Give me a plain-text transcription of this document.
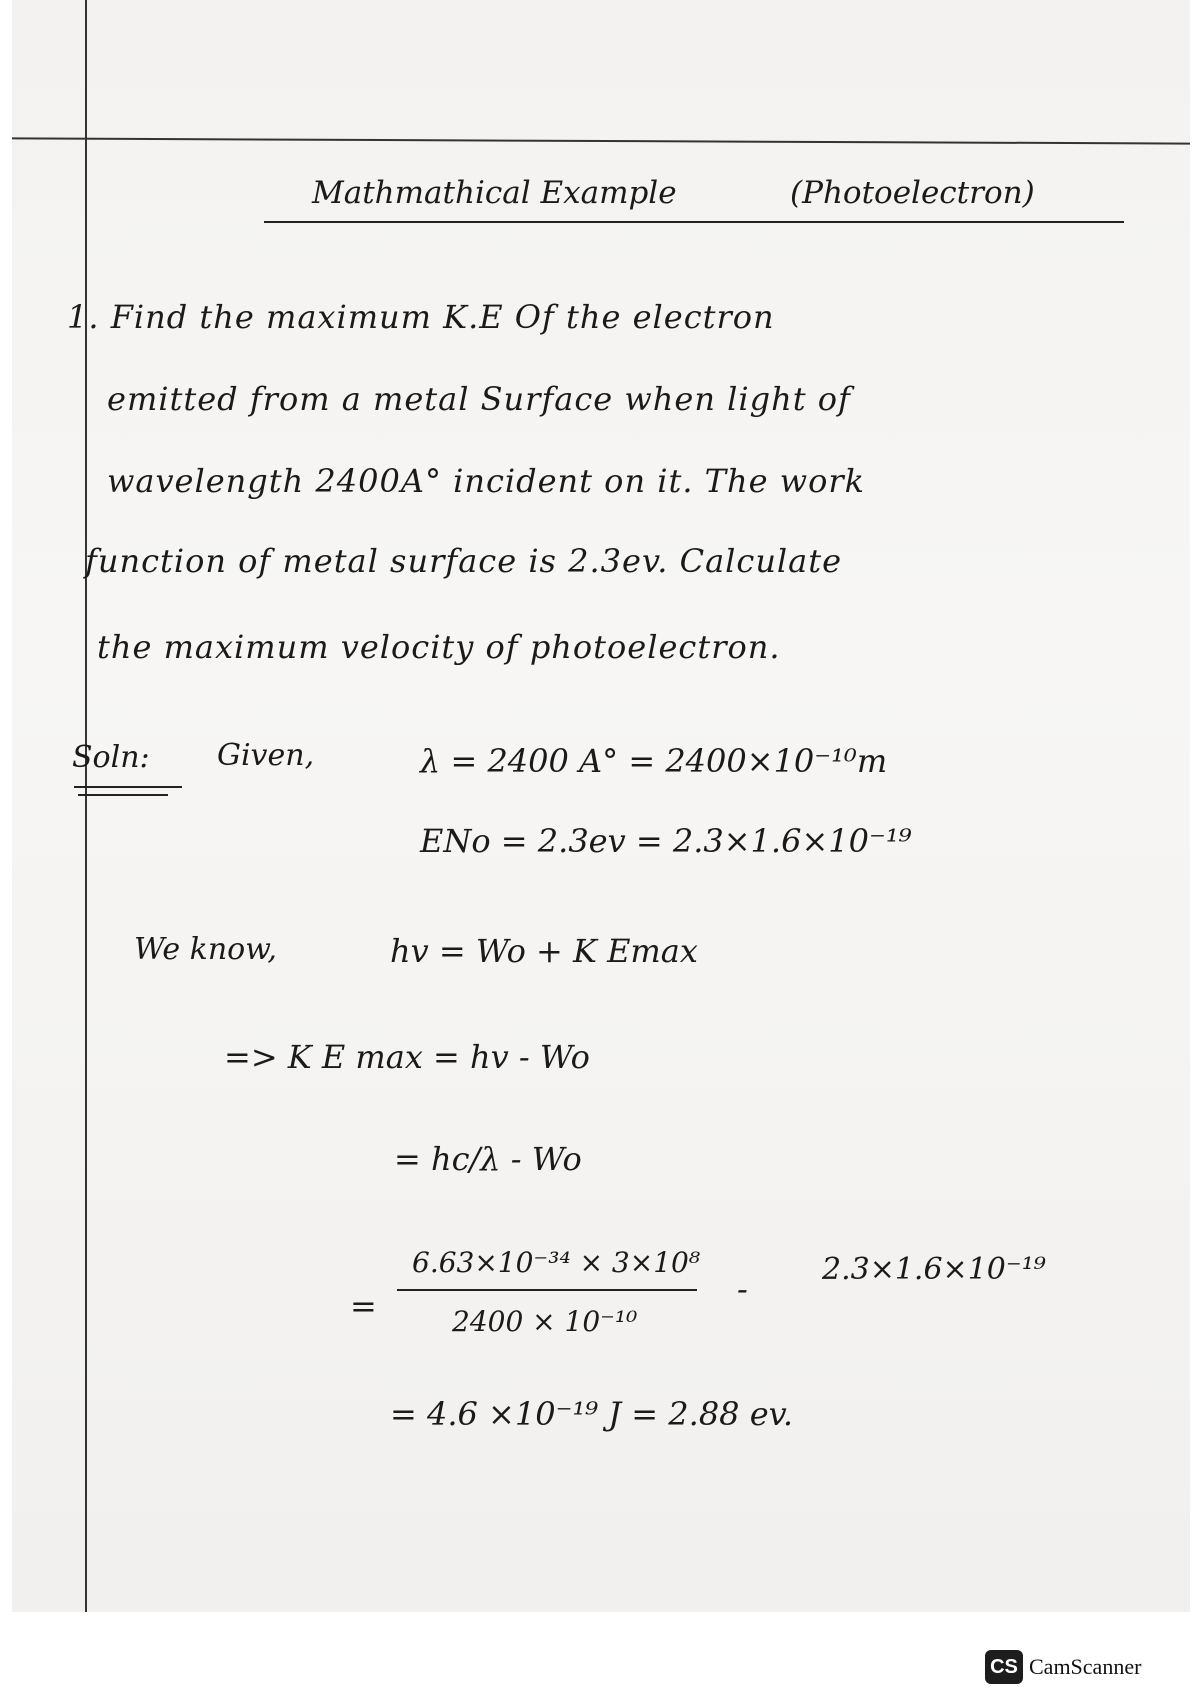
Mathmathical Example	(Photoelectron)
1. Find the maximum K.E Of the electron
emitted from a metal Surface when light of
wavelength 2400A° incident on it. The work
function of metal surface is 2.3ev. Calculate
the maximum velocity of photoelectron.
Soln: Given,	λ = 2400 A° = 2400×10⁻¹⁰m
ENo = 2.3ev = 2.3×1.6×10⁻¹⁹
We know,	hv = Wo + K Emax
=> K E max = hv - Wo
= hc/λ - Wo
6.63×10⁻³⁴ × 3×10⁸
2400 × 10⁻¹⁰
=	-
2.3×1.6×10⁻¹⁹
= 4.6 ×10⁻¹⁹ J = 2.88 ev.
CS CamScanner
